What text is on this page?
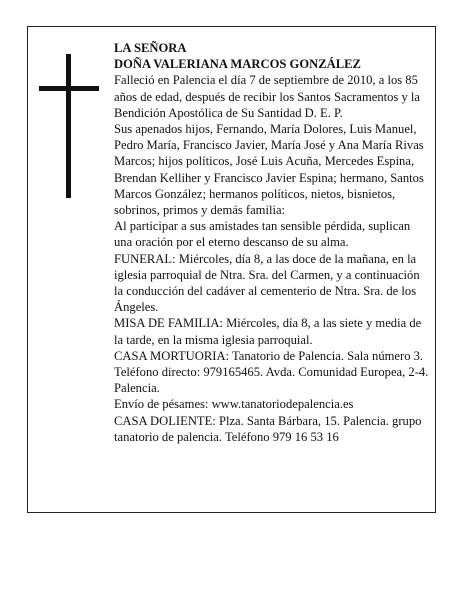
LA SEÑORA

DOÑA VALERIANA MARCOS GONZÁLEZ

Falleció en Palencia el día 7 de septiembre de 2010, a los 85 años de edad, después de recibir los Santos Sacramentos y la Bendición Apostólica de Su Santidad D. E. P.

Sus apenados hijos, Fernando, María Dolores, Luis Manuel, Pedro María, Francisco Javier, María José y Ana María Rivas Marcos; hijos políticos, José Luis Acuña, Mercedes Espina, Brendan Kelliher y Francisco Javier Espina; hermano, Santos Marcos González; hermanos políticos, nietos, bisnietos, sobrinos, primos y demás familia:

Al participar a sus amistades tan sensible pérdida, suplican una oración por el eterno descanso de su alma.

FUNERAL: Miércoles, día 8, a las doce de la mañana, en la iglesia parroquial de Ntra. Sra. del Carmen, y a continuación la conducción del cadáver al cementerio de Ntra. Sra. de los Ángeles.

MISA DE FAMILIA: Miércoles, día 8, a las siete y media de la tarde, en la misma iglesia parroquial.

CASA MORTUORIA: Tanatorio de Palencia. Sala número 3. Teléfono directo: 979165465. Avda. Comunidad Europea, 2-4. Palencia.

Envío de pésames: www.tanatoriodepalencia.es

CASA DOLIENTE: Plza. Santa Bárbara, 15. Palencia. grupo tanatorio de palencia. Teléfono 979 16 53 16
